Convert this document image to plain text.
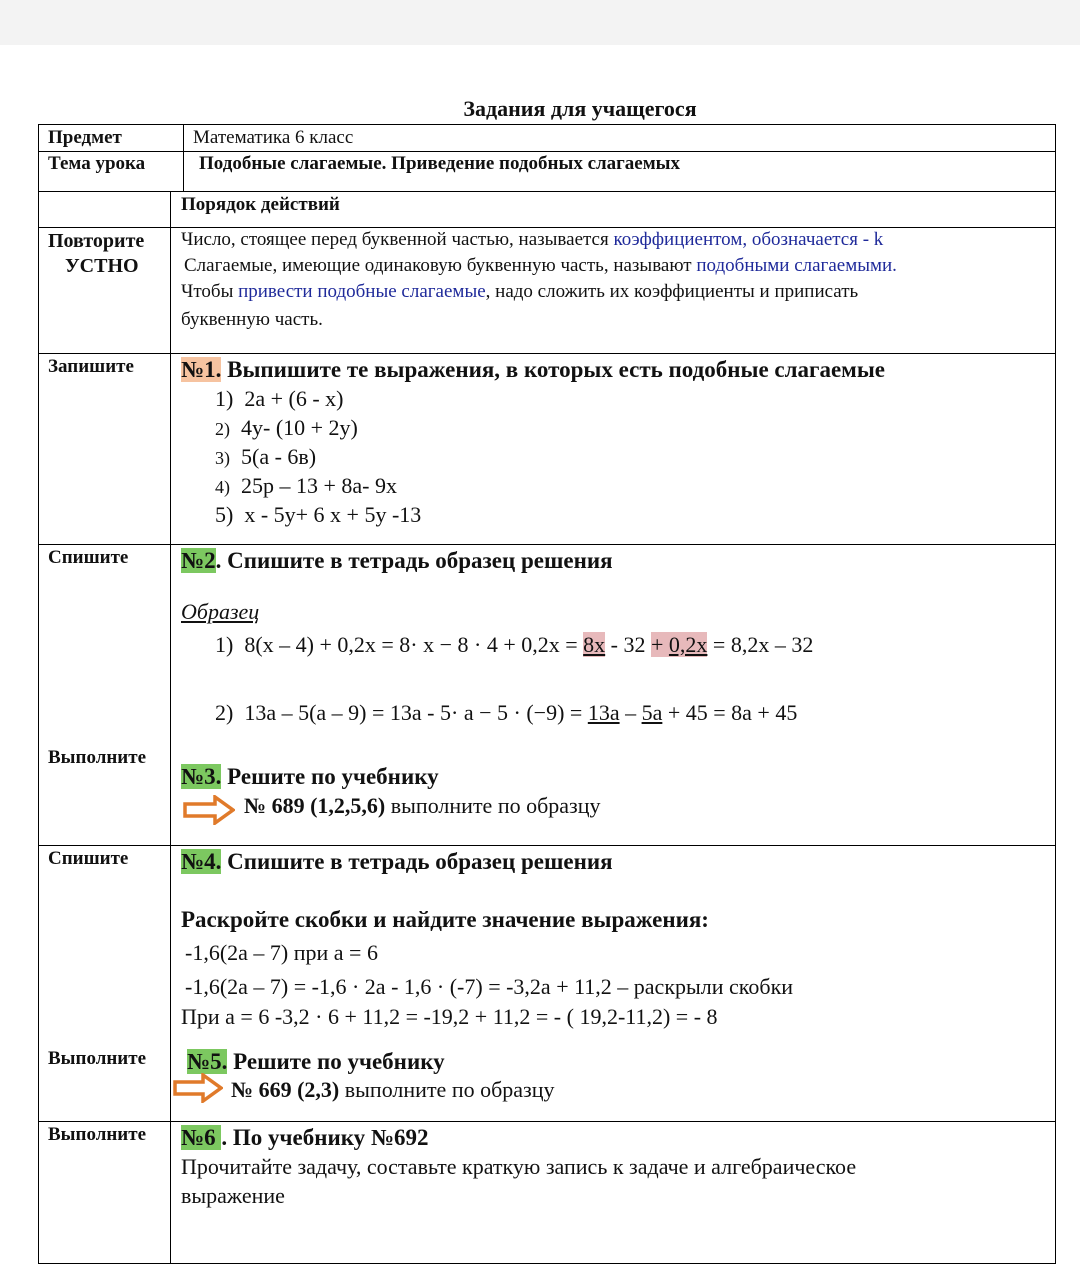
Задания для учащегося
Предмет	Математика 6 класс
Тема урока	Подобные слагаемые. Приведение подобных слагаемых
Порядок действий
Повторите
УСТНО
Число, стоящее перед буквенной частью, называется коэффициентом, обозначается - k
Слагаемые, имеющие одинаковую буквенную часть, называют подобными слагаемыми.
Чтобы привести подобные слагаемые, надо сложить их коэффициенты и приписать
буквенную часть.
Запишите №1. Выпишите те выражения, в которых есть подобные слагаемые
1) 2a + (6 - x)
2) 4y- (10 + 2y)
3) 5(a - 6в)
4) 25p – 13 + 8a- 9x
5) x - 5y+ 6 x + 5y -13
Спишите №2. Спишите в тетрадь образец решения
Образец
1) 8(x – 4) + 0,2x = 8· x − 8 · 4 + 0,2x = 8x - 32 + 0,2x = 8,2x – 32
2) 13a – 5(a – 9) = 13a - 5· a − 5 · (−9) = 13a – 5a + 45 = 8a + 45
Выполните
№3. Решите по учебнику
№ 689 (1,2,5,6) выполните по образцу
Спишите №4. Спишите в тетрадь образец решения
Раскройте скобки и найдите значение выражения:
-1,6(2a – 7) при a = 6
-1,6(2a – 7) = -1,6 · 2a - 1,6 · (-7) = -3,2a + 11,2 – раскрыли скобки
При a = 6 -3,2 · 6 + 11,2 = -19,2 + 11,2 = - ( 19,2-11,2) = - 8
Выполните №5. Решите по учебнику
№ 669 (2,3) выполните по образцу
Выполните №6 . По учебнику №692
Прочитайте задачу, составьте краткую запись к задаче и алгебраическое
выражение
